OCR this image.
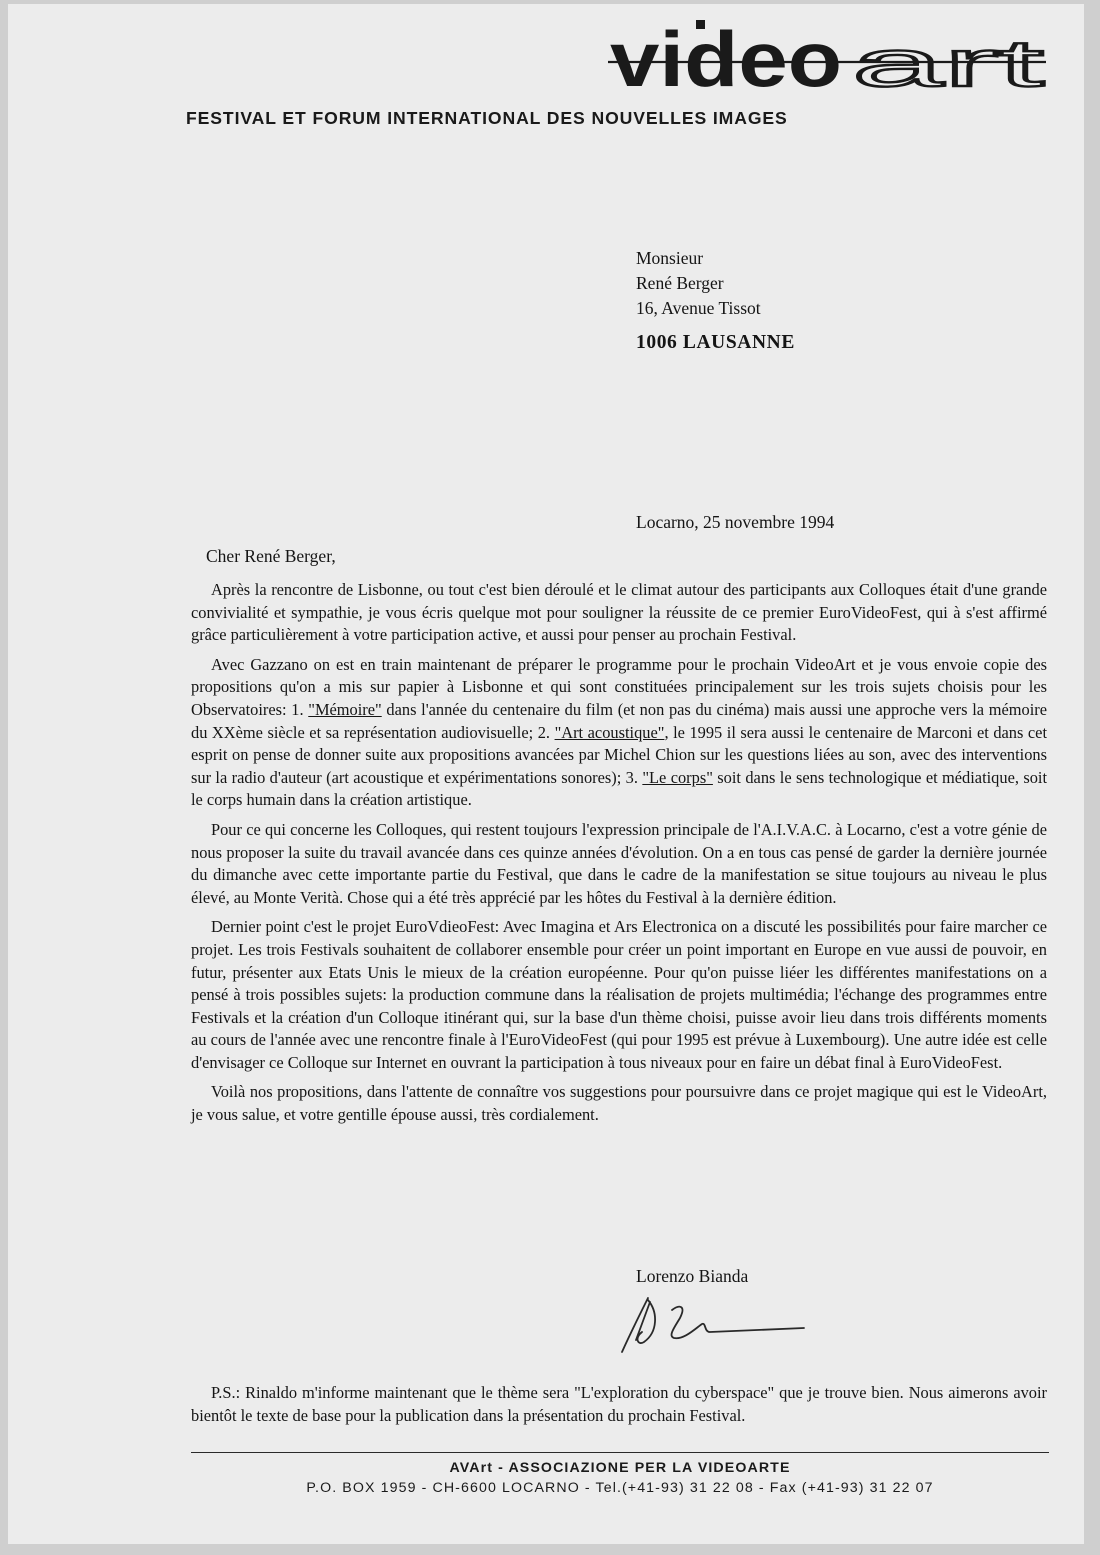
video art
FESTIVAL ET FORUM INTERNATIONAL DES NOUVELLES IMAGES
Monsieur
René Berger
16, Avenue Tissot
1006 LAUSANNE
Locarno, 25 novembre 1994
Cher René Berger,

Après la rencontre de Lisbonne, ou tout c'est bien déroulé et le climat autour des participants aux Colloques était d'une grande convivialité et sympathie, je vous écris quelque mot pour souligner la réussite de ce premier EuroVideoFest, qui à s'est affirmé grâce particulièrement à votre participation active, et aussi pour penser au prochain Festival.

Avec Gazzano on est en train maintenant de préparer le programme pour le prochain VideoArt et je vous envoie copie des propositions qu'on a mis sur papier à Lisbonne et qui sont constituées principalement sur les trois sujets choisis pour les Observatoires: 1. "Mémoire" dans l'année du centenaire du film (et non pas du cinéma) mais aussi une approche vers la mémoire du XXème siècle et sa représentation audiovisuelle; 2. "Art acoustique", le 1995 il sera aussi le centenaire de Marconi et dans cet esprit on pense de donner suite aux propositions avancées par Michel Chion sur les questions liées au son, avec des interventions sur la radio d'auteur (art acoustique et expérimentations sonores); 3. "Le corps" soit dans le sens technologique et médiatique, soit le corps humain dans la création artistique.

Pour ce qui concerne les Colloques, qui restent toujours l'expression principale de l'A.I.V.A.C. à Locarno, c'est a votre génie de nous proposer la suite du travail avancée dans ces quinze années d'évolution. On a en tous cas pensé de garder la dernière journée du dimanche avec cette importante partie du Festival, que dans le cadre de la manifestation se situe toujours au niveau le plus élevé, au Monte Verità. Chose qui a été très apprécié par les hôtes du Festival à la dernière édition.

Dernier point c'est le projet EuroVdieoFest: Avec Imagina et Ars Electronica on a discuté les possibilités pour faire marcher ce projet. Les trois Festivals souhaitent de collaborer ensemble pour créer un point important en Europe en vue aussi de pouvoir, en futur, présenter aux Etats Unis le mieux de la création européenne. Pour qu'on puisse liéer les différentes manifestations on a pensé à trois possibles sujets: la production commune dans la réalisation de projets multimédia; l'échange des programmes entre Festivals et la création d'un Colloque itinérant qui, sur la base d'un thème choisi, puisse avoir lieu dans trois différents moments au cours de l'année avec une rencontre finale à l'EuroVideoFest (qui pour 1995 est prévue à Luxembourg). Une autre idée est celle d'envisager ce Colloque sur Internet en ouvrant la participation à tous niveaux pour en faire un débat final à EuroVideoFest.

Voilà nos propositions, dans l'attente de connaître vos suggestions pour poursuivre dans ce projet magique qui est le VideoArt, je vous salue, et votre gentille épouse aussi, très cordialement.

Lorenzo Bianda

P.S.: Rinaldo m'informe maintenant que le thème sera "L'exploration du cyberspace" que je trouve bien. Nous aimerons avoir bientôt le texte de base pour la publication dans la présentation du prochain Festival.

AVArt - ASSOCIAZIONE PER LA VIDEOARTE
P.O. BOX 1959 - CH-6600 LOCARNO - Tel.(+41-93) 31 22 08 - Fax (+41-93) 31 22 07
